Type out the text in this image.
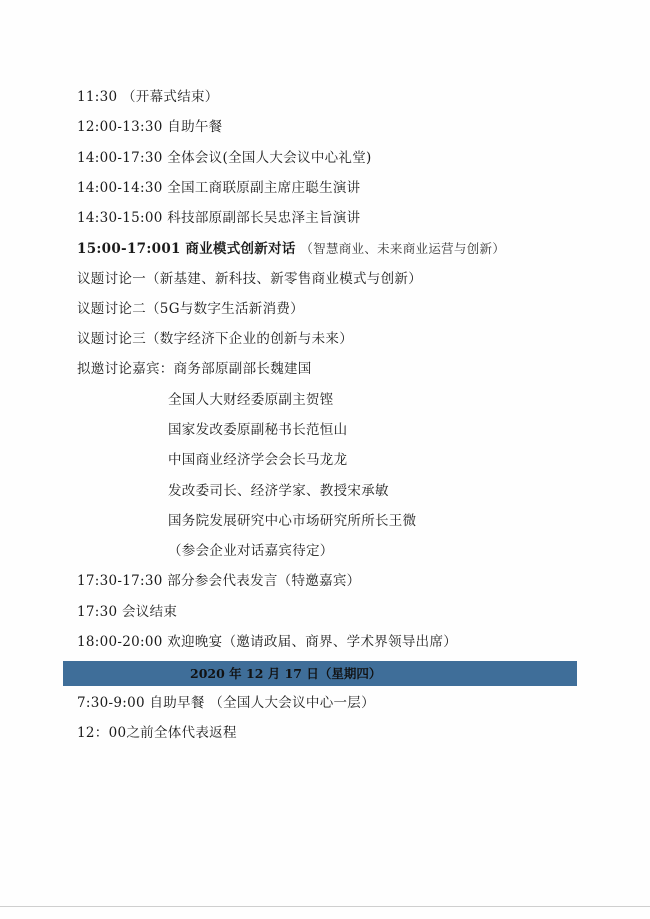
11:30 （开幕式结束）
12:00-13:30 自助午餐
14:00-17:30 全体会议(全国人大会议中心礼堂)
14:00-14:30 全国工商联原副主席庄聪生演讲
14:30-15:00 科技部原副部长吴忠泽主旨演讲
15:00-17:001 商业模式创新对话 （智慧商业、未来商业运营与创新）
议题讨论一（新基建、新科技、新零售商业模式与创新）
议题讨论二（5G与数字生活新消费）
议题讨论三（数字经济下企业的创新与未来）
拟邀讨论嘉宾：商务部原副部长魏建国
全国人大财经委原副主贺铿
国家发改委原副秘书长范恒山
中国商业经济学会会长马龙龙
发改委司长、经济学家、教授宋承敏
国务院发展研究中心市场研究所所长王微
（参会企业对话嘉宾待定）
17:30-17:30 部分参会代表发言（特邀嘉宾）
17:30 会议结束
18:00-20:00 欢迎晚宴（邀请政届、商界、学术界领导出席）
2020 年 12 月 17 日（星期四）
7:30-9:00 自助早餐 （全国人大会议中心一层）
12：00之前全体代表返程
